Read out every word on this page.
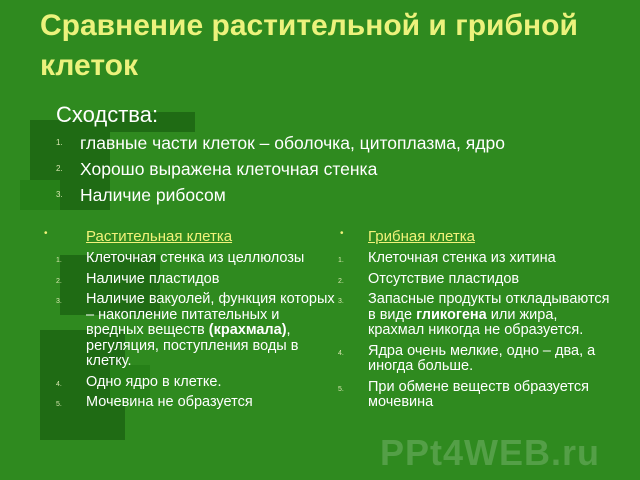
Сравнение растительной и грибной клеток
Сходства:
1. главные части клеток – оболочка, цитоплазма, ядро
2. Хорошо выражена клеточная стенка
3. Наличие рибосом
•	Растительная клетка
1. Клеточная стенка из целлюлозы
2. Наличие пластидов
3. Наличие вакуолей, функция которых – накопление питательных и вредных веществ (крахмала), регуляция, поступления воды в клетку.
4. Одно ядро в клетке.
5. Мочевина не образуется
•	Грибная клетка
1. Клеточная стенка из хитина
2. Отсутствие пластидов
3. Запасные продукты откладываются в виде гликогена или жира, крахмал никогда не образуется.
4. Ядра очень мелкие, одно – два, а иногда больше.
5. При обмене веществ образуется мочевина
PPt4WEB.ru
